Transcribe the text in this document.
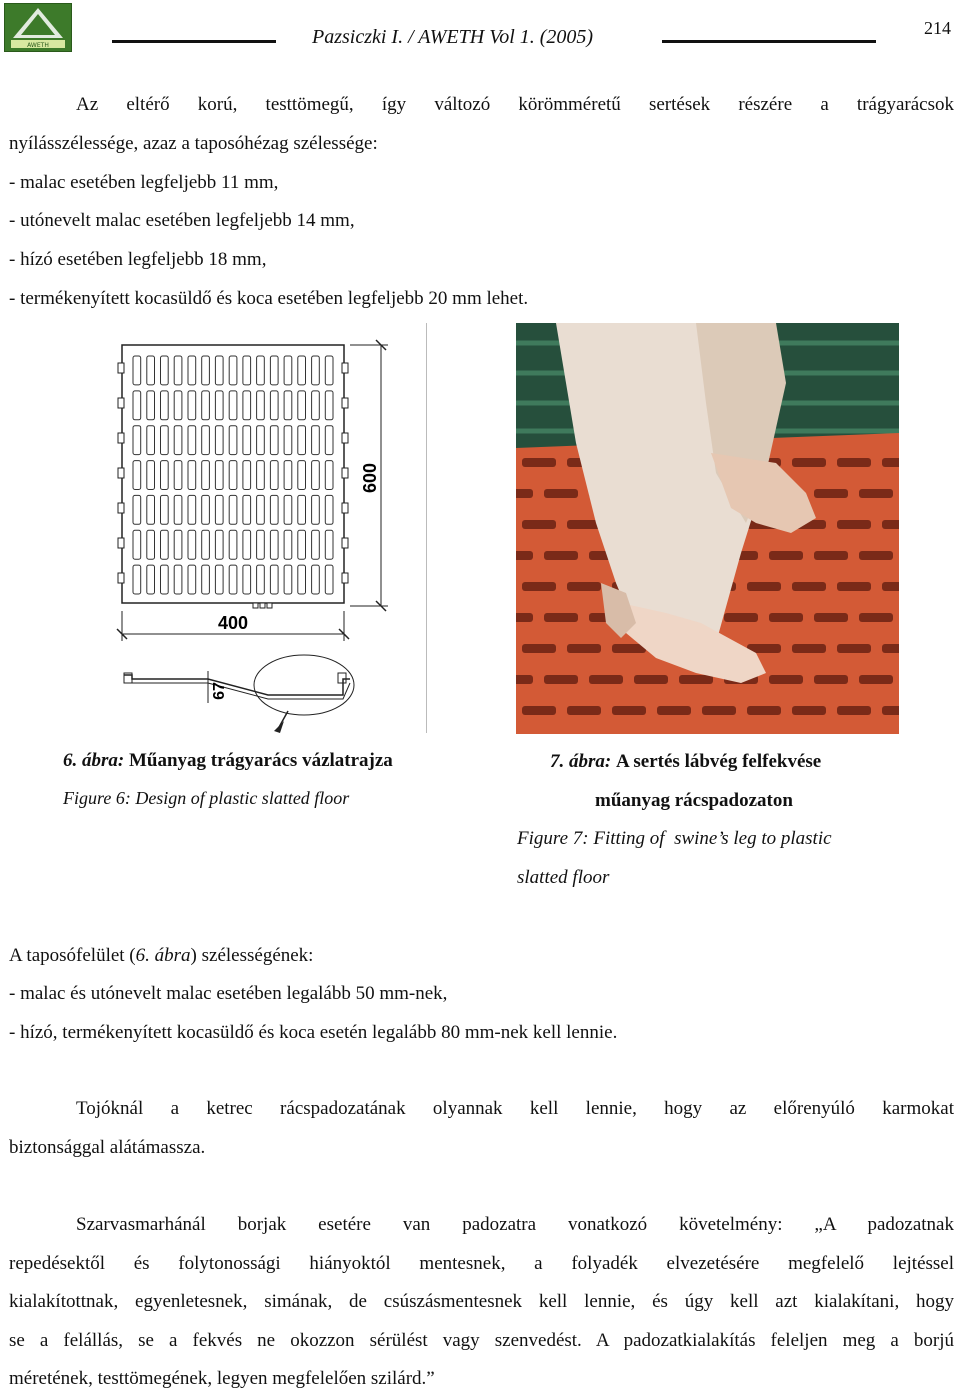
AWETH	Pazsiczki I. / AWETH Vol 1. (2005)	214
Az eltérő korú, testtömegű, így változó körömméretű sertések részére a trágyarácsok
nyílásszélessége, azaz a taposóhézag szélessége:
- malac esetében legfeljebb 11 mm,
- utónevelt malac esetében legfeljebb 14 mm,
- hízó esetében legfeljebb 18 mm,
- termékenyített kocasüldő és koca esetében legfeljebb 20 mm lehet.
600
400
67
6. ábra: Műanyag trágyarács vázlatrajza
Figure 6: Design of plastic slatted floor
7. ábra: A sertés lábvég felfekvése
műanyag rácspadozaton
Figure 7: Fitting of  swine’s leg to plastic
slatted floor
A taposófelület (6. ábra) szélességének:
- malac és utónevelt malac esetében legalább 50 mm-nek,
- hízó, termékenyített kocasüldő és koca esetén legalább 80 mm-nek kell lennie.
Tojóknál a ketrec rácspadozatának olyannak kell lennie, hogy az előrenyúló karmokat
biztonsággal alátámassza.
Szarvasmarhánál borjak esetére van padozatra vonatkozó követelmény: „A padozatnak
repedésektől és folytonossági hiányoktól mentesnek, a folyadék elvezetésére megfelelő lejtéssel
kialakítottnak, egyenletesnek, simának, de csúszásmentesnek kell lennie, és úgy kell azt kialakítani, hogy
se a felállás, se a fekvés ne okozzon sérülést vagy szenvedést. A padozatkialakítás feleljen meg a borjú
méretének, testtömegének, legyen megfelelően szilárd.”
